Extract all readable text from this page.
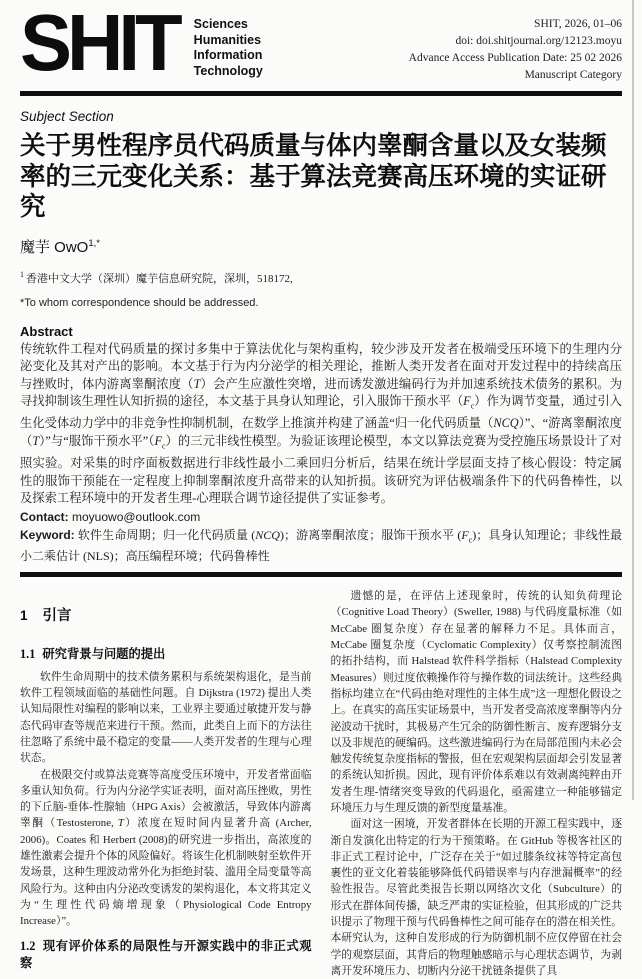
SHIT Sciences
Humanities
Information
Technology
SHIT, 2026, 01–06
doi: doi.shitjournal.org/12123.moyu
Advance Access Publication Date: 25 02 2026
Manuscript Category
Subject Section
关于男性程序员代码质量与体内睾酮含量以及女装频率的三元变化关系：基于算法竞赛高压环境的实证研究
魔芋 OwO$^{1,*}$
$^1$ 香港中文大学（深圳）魔芋信息研究院，深圳，518172,
*To whom correspondence should be addressed.
Abstract

传统软件工程对代码质量的探讨多集中于算法优化与架构重构，较少涉及开发者在极端受压环境下的生理内分泌变化及其对产出的影响。本文基于行为内分泌学的相关理论，推断人类开发者在面对开发过程中的持续高压与挫败时，体内游离睾酮浓度（T）会产生应激性突增，进而诱发激进编码行为并加速系统技术债务的累积。为寻找抑制该生理性认知折损的途径，本文基于具身认知理论，引入服饰干预水平$(F_c)$作为调节变量，通过引入生化受体动力学中的非竞争性抑制机制，在数学上推演并构建了涵盖“归一化代码质量（NCQ）”、“游离睾酮浓度（T）”与“服饰干预水平$”(F_c)$的三元非线性模型。为验证该理论模型，本文以算法竞赛为受控施压场景设计了对照实验。对采集的时序面板数据进行非线性最小二乘回归分析后，结果在统计学层面支持了核心假设：特定属性的服饰干预能在一定程度上抑制睾酮浓度升高带来的认知折损。该研究为评估极端条件下的代码鲁棒性，以及探索工程环境中的开发者生理-心理联合调节途径提供了实证参考。

Contact: moyuowo@outlook.com

Keyword: 软件生命周期；归一化代码质量 (NCQ)；游离睾酮浓度；服饰干预水平 $(F_c)$；具身认知理论；非线性最小二乘估计 (NLS)；高压编程环境；代码鲁棒性

1 引言
1.1 研究背景与问题的提出

软件生命周期中的技术债务累积与系统架构退化，是当前软件工程领域面临的基础性问题。自 Dijkstra (1972) 提出人类认知局限性对编程的影响以来，工业界主要通过敏捷开发与静态代码审查等规范来进行干预。然而，此类自上而下的方法往往忽略了系统中最不稳定的变量——人类开发者的生理与心理状态。

在极限交付或算法竞赛等高度受压环境中，开发者常面临多重认知负荷。行为内分泌学实证表明，面对高压挫败，男性的下丘脑-垂体-性腺轴（HPG Axis）会被激活，导致体内游离睾酮（Testosterone, T）浓度在短时间内显著升高 (Archer, 2006)。Coates 和 Herbert (2008)的研究进一步指出，高浓度的雄性激素会提升个体的风险偏好。将该生化机制映射至软件开发场景，这种生理波动常外化为拒绝封装、滥用全局变量等高风险行为。这种由内分泌改变诱发的架构退化，本文将其定义为“生理性代码熵增现象（Physiological Code Entropy Increase）”。

1.2 现有评价体系的局限性与开源实践中的非正式观察

遗憾的是，在评估上述现象时，传统的认知负荷理论（Cognitive Load Theory）(Sweller, 1988) 与代码度量标准（如 McCabe 圈复杂度）存在显著的解释力不足。具体而言，McCabe 圈复杂度（Cyclomatic Complexity）仅考察控制流图的拓扑结构，而 Halstead 软件科学指标（Halstead Complexity Measures）则过度依赖操作符与操作数的词法统计。这些经典指标均建立在“代码由绝对理性的主体生成”这一理想化假设之上。在真实的高压实证场景中，当开发者受高浓度睾酮等内分泌波动干扰时，其极易产生冗余的防御性断言、废弃逻辑分支以及非规范的硬编码。这些激进编码行为在局部范围内未必会触发传统复杂度指标的警报，但在宏观架构层面却会引发显著的系统认知折损。因此，现有评价体系难以有效剥离纯粹由开发者生理-情绪突变导致的代码退化，亟需建立一种能够锚定环境压力与生理反馈的新型度量基准。

面对这一困境，开发者群体在长期的开源工程实践中，逐渐自发演化出特定的行为干预策略。在 GitHub 等极客社区的非正式工程讨论中，广泛存在关于“如过膝条纹袜等特定高包裹性的亚文化着装能够降低代码错误率与内存泄漏概率”的经验性报告。尽管此类报告长期以网络次文化（Subculture）的形式在群体间传播，缺乏严肃的实证检验，但其形成的广泛共识提示了物理干预与代码鲁棒性之间可能存在的潜在相关性。本研究认为，这种自发形成的行为防御机制不应仅停留在社会学的观察层面，其背后的物理触感暗示与心理状态调节，为剥离开发环境压力、切断内分泌干扰链条提供了具
